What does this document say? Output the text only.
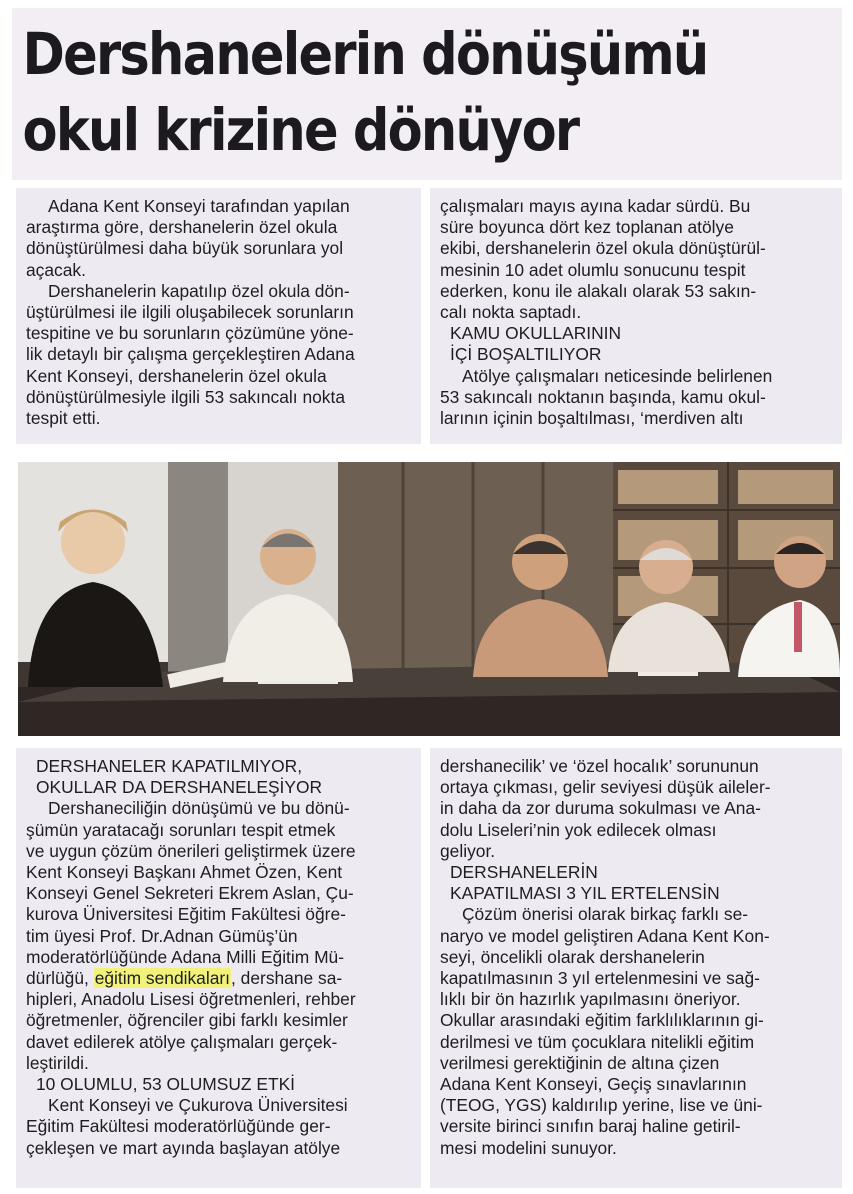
Dershanelerin dönüşümü
okul krizine dönüyor
Adana Kent Konseyi tarafından yapılan
araştırma göre, dershanelerin özel okula
dönüştürülmesi daha büyük sorunlara yol
açacak.
Dershanelerin kapatılıp özel okula dön-
üştürülmesi ile ilgili oluşabilecek sorunların
tespitine ve bu sorunların çözümüne yöne-
lik detaylı bir çalışma gerçekleştiren Adana
Kent Konseyi, dershanelerin özel okula
dönüştürülmesiyle ilgili 53 sakıncalı nokta
tespit etti.
çalışmaları mayıs ayına kadar sürdü. Bu
süre boyunca dört kez toplanan atölye
ekibi, dershanelerin özel okula dönüştürül-
mesinin 10 adet olumlu sonucunu tespit
ederken, konu ile alakalı olarak 53 sakın-
calı nokta saptadı.
KAMU OKULLARININ
İÇİ BOŞALTILIYOR
Atölye çalışmaları neticesinde belirlenen
53 sakıncalı noktanın başında, kamu okul-
larının içinin boşaltılması, ‘merdiven altı
DERSHANELER KAPATILMIYOR,
OKULLAR DA DERSHANELEŞİYOR
Dershaneciliğin dönüşümü ve bu dönü-
şümün yaratacağı sorunları tespit etmek
ve uygun çözüm önerileri geliştirmek üzere
Kent Konseyi Başkanı Ahmet Özen, Kent
Konseyi Genel Sekreteri Ekrem Aslan, Çu-
kurova Üniversitesi Eğitim Fakültesi öğre-
tim üyesi Prof. Dr.Adnan Gümüş’ün
moderatörlüğünde Adana Milli Eğitim Mü-
dürlüğü, eğitim sendikaları, dershane sa-
hipleri, Anadolu Lisesi öğretmenleri, rehber
öğretmenler, öğrenciler gibi farklı kesimler
davet edilerek atölye çalışmaları gerçek-
leştirildi.
10 OLUMLU, 53 OLUMSUZ ETKİ
Kent Konseyi ve Çukurova Üniversitesi
Eğitim Fakültesi moderatörlüğünde ger-
çekleşen ve mart ayında başlayan atölye
dershanecilik’ ve ‘özel hocalık’ sorununun
ortaya çıkması, gelir seviyesi düşük aileler-
in daha da zor duruma sokulması ve Ana-
dolu Liseleri’nin yok edilecek olması
geliyor.
DERSHANELERİN
KAPATILMASI 3 YIL ERTELENSİN
Çözüm önerisi olarak birkaç farklı se-
naryo ve model geliştiren Adana Kent Kon-
seyi, öncelikli olarak dershanelerin
kapatılmasının 3 yıl ertelenmesini ve sağ-
lıklı bir ön hazırlık yapılmasını öneriyor.
Okullar arasındaki eğitim farklılıklarının gi-
derilmesi ve tüm çocuklara nitelikli eğitim
verilmesi gerektiğinin de altına çizen
Adana Kent Konseyi, Geçiş sınavlarının
(TEOG, YGS) kaldırılıp yerine, lise ve üni-
versite birinci sınıfın baraj haline getiril-
mesi modelini sunuyor.
